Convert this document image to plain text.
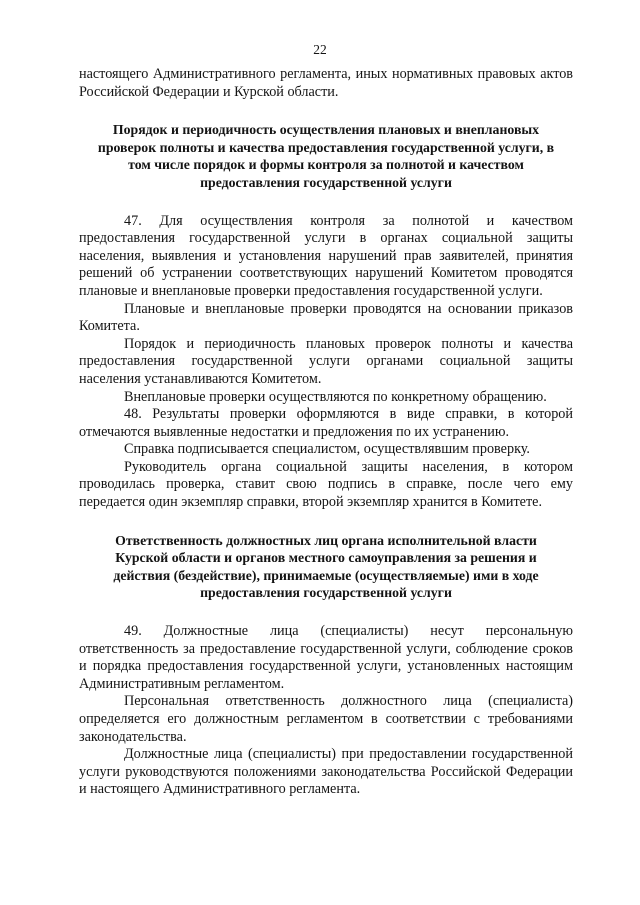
22

настоящего Административного регламента, иных нормативных правовых актов Российской Федерации и Курской области.

Порядок и периодичность осуществления плановых и внеплановых проверок полноты и качества предоставления государственной услуги, в том числе порядок и формы контроля за полнотой и качеством предоставления государственной услуги

47. Для осуществления контроля за полнотой и качеством предоставления государственной услуги в органах социальной защиты населения, выявления и установления нарушений прав заявителей, принятия решений об устранении соответствующих нарушений Комитетом проводятся плановые и внеплановые проверки предоставления государственной услуги.

Плановые и внеплановые проверки проводятся на основании приказов Комитета.

Порядок и периодичность плановых проверок полноты и качества предоставления государственной услуги органами социальной защиты населения устанавливаются Комитетом.

Внеплановые проверки осуществляются по конкретному обращению.

48. Результаты проверки оформляются в виде справки, в которой отмечаются выявленные недостатки и предложения по их устранению.

Справка подписывается специалистом, осуществлявшим проверку.

Руководитель органа социальной защиты населения, в котором проводилась проверка, ставит свою подпись в справке, после чего ему передается один экземпляр справки, второй экземпляр хранится в Комитете.

Ответственность должностных лиц органа исполнительной власти Курской области и органов местного самоуправления за решения и действия (бездействие), принимаемые (осуществляемые) ими в ходе предоставления государственной услуги

49. Должностные лица (специалисты) несут персональную ответственность за предоставление государственной услуги, соблюдение сроков и порядка предоставления государственной услуги, установленных настоящим Административным регламентом.

Персональная ответственность должностного лица (специалиста) определяется его должностным регламентом в соответствии с требованиями законодательства.

Должностные лица (специалисты) при предоставлении государственной услуги руководствуются положениями законодательства Российской Федерации и настоящего Административного регламента.
